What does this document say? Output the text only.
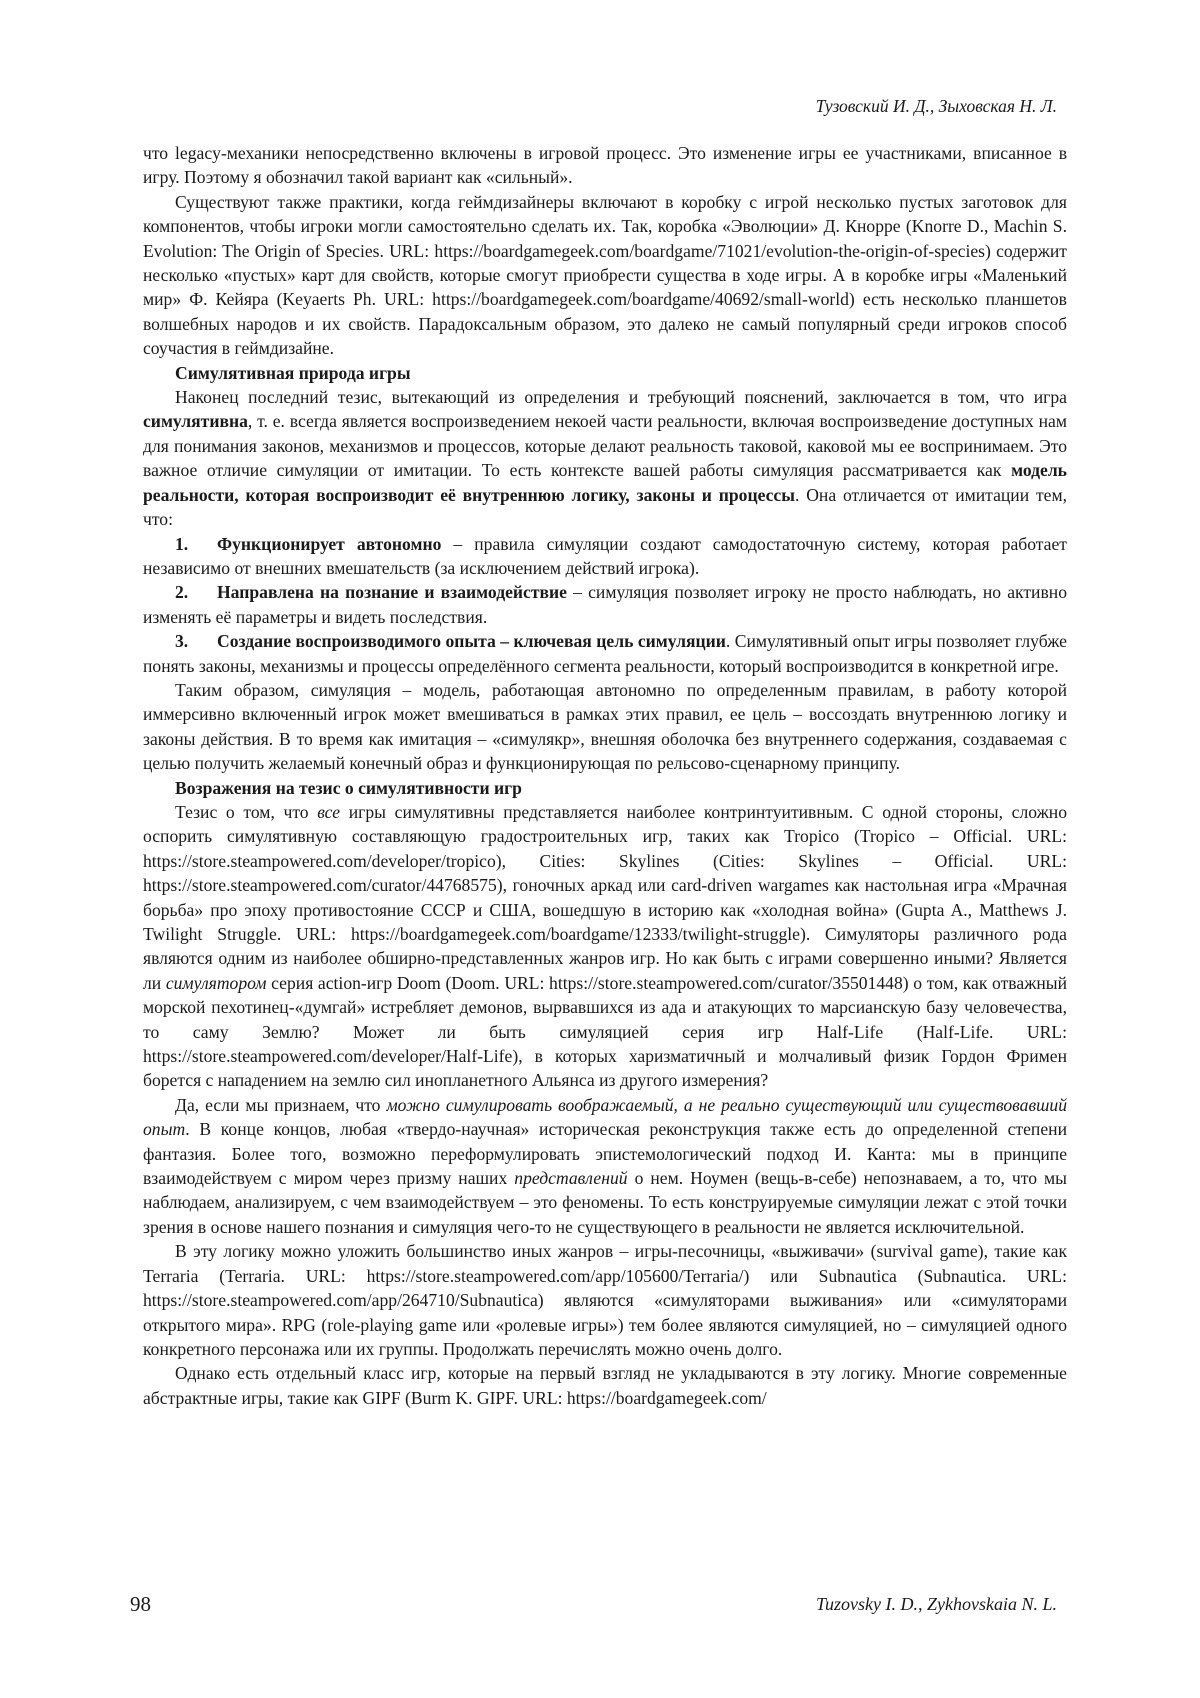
Тузовский И. Д., Зыховская Н. Л.

что legacy-механики непосредственно включены в игровой процесс. Это изменение игры ее участниками, вписанное в игру. Поэтому я обозначил такой вариант как «сильный».

Существуют также практики, когда геймдизайнеры включают в коробку с игрой несколько пустых заготовок для компонентов, чтобы игроки могли самостоятельно сделать их. Так, коробка «Эволюции» Д. Кнорре (Knorre D., Machin S. Evolution: The Origin of Species. URL: https://boardgamegeek.com/boardgame/71021/evolution-the-origin-of-species) содержит несколько «пустых» карт для свойств, которые смогут приобрести существа в ходе игры. А в коробке игры «Маленький мир» Ф. Кейяра (Keyaerts Ph. URL: https://boardgamegeek.com/boardgame/40692/small-world) есть несколько планшетов волшебных народов и их свойств. Парадоксальным образом, это далеко не самый популярный среди игроков способ соучастия в геймдизайне.

Симулятивная природа игры

Наконец последний тезис, вытекающий из определения и требующий пояснений, заключается в том, что игра симулятивна, т. е. всегда является воспроизведением некоей части реальности, включая воспроизведение доступных нам для понимания законов, механизмов и процессов, которые делают реальность таковой, каковой мы ее воспринимаем. Это важное отличие симуляции от имитации. То есть контексте вашей работы симуляция рассматривается как модель реальности, которая воспроизводит её внутреннюю логику, законы и процессы. Она отличается от имитации тем, что:

1. Функционирует автономно – правила симуляции создают самодостаточную систему, которая работает независимо от внешних вмешательств (за исключением действий игрока).

2. Направлена на познание и взаимодействие – симуляция позволяет игроку не просто наблюдать, но активно изменять её параметры и видеть последствия.

3. Создание воспроизводимого опыта – ключевая цель симуляции. Симулятивный опыт игры позволяет глубже понять законы, механизмы и процессы определённого сегмента реальности, который воспроизводится в конкретной игре.

Таким образом, симуляция – модель, работающая автономно по определенным правилам, в работу которой иммерсивно включенный игрок может вмешиваться в рамках этих правил, ее цель – воссоздать внутреннюю логику и законы действия. В то время как имитация – «симулякр», внешняя оболочка без внутреннего содержания, создаваемая с целью получить желаемый конечный образ и функционирующая по рельсово-сценарному принципу.

Возражения на тезис о симулятивности игр

Тезис о том, что все игры симулятивны представляется наиболее контринтуитивным. С одной стороны, сложно оспорить симулятивную составляющую градостроительных игр, таких как Tropico (Tropico – Official. URL: https://store.steampowered.com/developer/tropico), Cities: Skylines (Cities: Skylines – Official. URL: https://store.steampowered.com/curator/44768575), гоночных аркад или card-driven wargames как настольная игра «Мрачная борьба» про эпоху противостояние СССР и США, вошедшую в историю как «холодная война» (Gupta A., Matthews J. Twilight Struggle. URL: https://boardgamegeek.com/boardgame/12333/twilight-struggle). Симуляторы различного рода являются одним из наиболее обширно-представленных жанров игр. Но как быть с играми совершенно иными? Является ли симулятором серия action-игр Doom (Doom. URL: https://store.steampowered.com/curator/35501448) о том, как отважный морской пехотинец-«думгай» истребляет демонов, вырвавшихся из ада и атакующих то марсианскую базу человечества, то саму Землю? Может ли быть симуляцией серия игр Half-Life (Half-Life. URL: https://store.steampowered.com/developer/Half-Life), в которых харизматичный и молчаливый физик Гордон Фримен борется с нападением на землю сил инопланетного Альянса из другого измерения?

Да, если мы признаем, что можно симулировать воображаемый, а не реально существующий или существовавший опыт. В конце концов, любая «твердо-научная» историческая реконструкция также есть до определенной степени фантазия. Более того, возможно переформулировать эпистемологический подход И. Канта: мы в принципе взаимодействуем с миром через призму наших представлений о нем. Ноумен (вещь-в-себе) непознаваем, а то, что мы наблюдаем, анализируем, с чем взаимодействуем – это феномены. То есть конструируемые симуляции лежат с этой точки зрения в основе нашего познания и симуляция чего-то не существующего в реальности не является исключительной.

В эту логику можно уложить большинство иных жанров – игры-песочницы, «выживачи» (survival game), такие как Terraria (Terraria. URL: https://store.steampowered.com/app/105600/Terraria/) или Subnautica (Subnautica. URL: https://store.steampowered.com/app/264710/Subnautica) являются «симуляторами выживания» или «симуляторами открытого мира». RPG (role-playing game или «ролевые игры») тем более являются симуляцией, но – симуляцией одного конкретного персонажа или их группы. Продолжать перечислять можно очень долго.

Однако есть отдельный класс игр, которые на первый взгляд не укладываются в эту логику. Многие современные абстрактные игры, такие как GIPF (Burm K. GIPF. URL: https://boardgamegeek.com/

98	Tuzovsky I. D., Zykhovskaia N. L.
